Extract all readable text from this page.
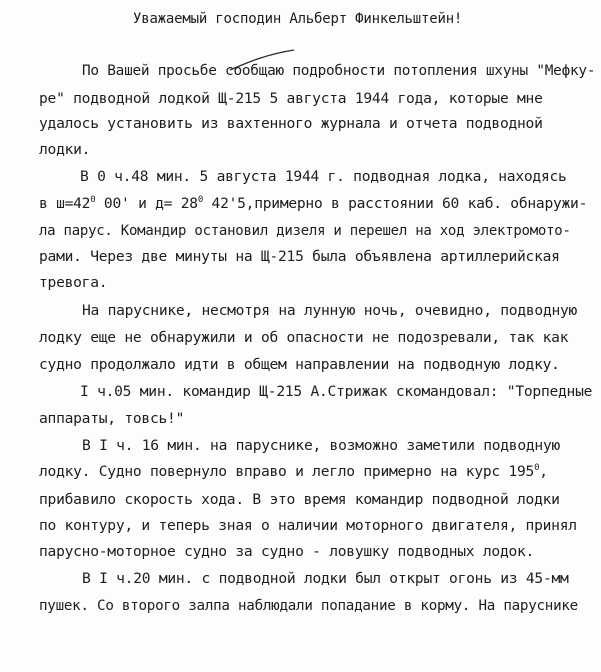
Уважаемый господин Альберт Финкельштейн!
По Вашей просьбе сообщаю подробности потопления шхуны "Мефку-
ре" подводной лодкой Щ-215 5 августа 1944 года, которые мне
удалось установить из вахтенного журнала и отчета подводной
лодки.
В 0 ч.48 мин. 5 августа 1944 г. подводная лодка, находясь
в $ш=42^0$ 00' и $д= 28^0$ 42'5,примерно в расстоянии 60 каб. обнаружи-
ла парус. Командир остановил дизеля и перешел на ход электромото-
рами. Через две минуты на Щ-215 была объявлена артиллерийская
тревога.
На паруснике, несмотря на лунную ночь, очевидно, подводную
лодку еще не обнаружили и об опасности не подозревали, так как
судно продолжало идти в общем направлении на подводную лодку.
I ч.05 мин. командир Щ-215 А.Стрижак скомандовал: "Торпедные
аппараты, товсь!"
В I ч. 16 мин. на паруснике, возможно заметили подводную
лодку. Судно повернуло вправо и легло примерно на курс $195^0$,
прибавило скорость хода. В это время командир подводной лодки
по контуру, и теперь зная о наличии моторного двигателя, принял
парусно-моторное судно за судно - ловушку подводных лодок.
В I ч.20 мин. с подводной лодки был открыт огонь из 45-мм
пушек. Со второго залпа наблюдали попадание в корму. На паруснике
